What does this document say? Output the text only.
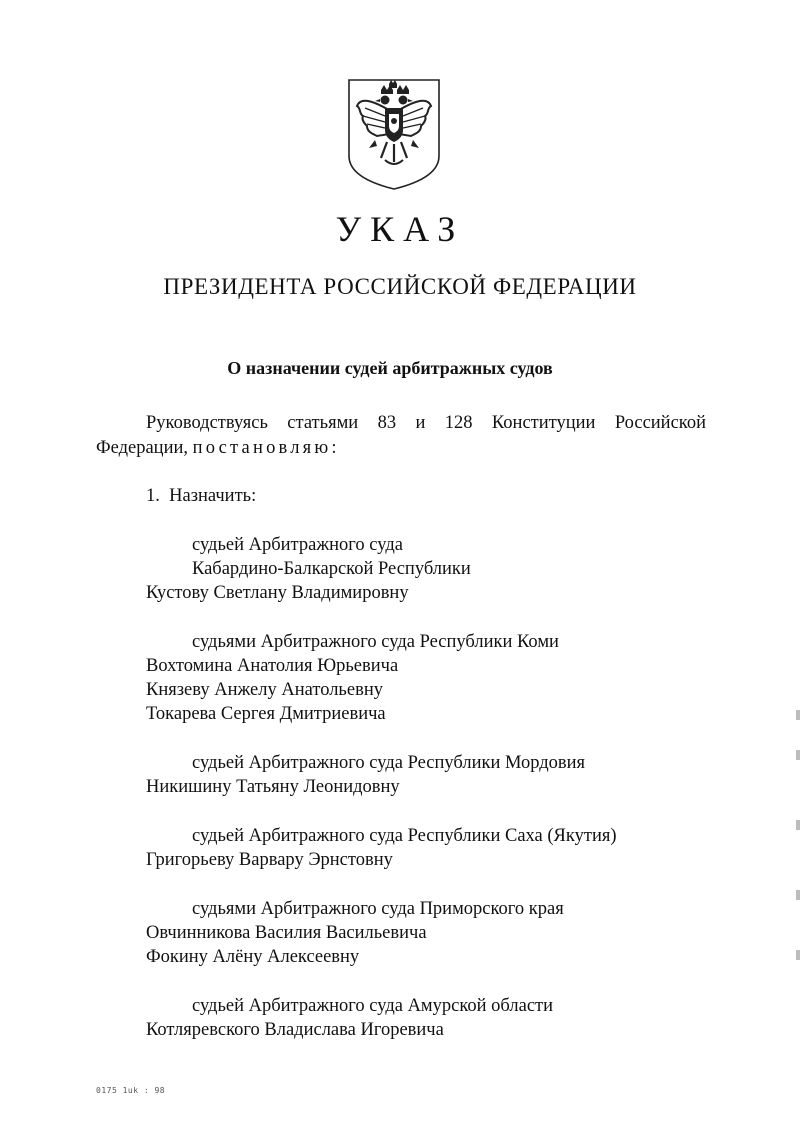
УКАЗ
ПРЕЗИДЕНТА РОССИЙСКОЙ ФЕДЕРАЦИИ
О назначении судей арбитражных судов
Руководствуясь статьями 83 и 128 Конституции Российской
Федерации, постановляю:
1. Назначить:
судьей Арбитражного суда
Кабардино-Балкарской Республики
Кустову Светлану Владимировну
судьями Арбитражного суда Республики Коми
Вохтомина Анатолия Юрьевича
Князеву Анжелу Анатольевну
Токарева Сергея Дмитриевича
судьей Арбитражного суда Республики Мордовия
Никишину Татьяну Леонидовну
судьей Арбитражного суда Республики Саха (Якутия)
Григорьеву Варвару Эрнстовну
судьями Арбитражного суда Приморского края
Овчинникова Василия Васильевича
Фокину Алёну Алексеевну
судьей Арбитражного суда Амурской области
Котляревского Владислава Игоревича
0175 1uk : 98
